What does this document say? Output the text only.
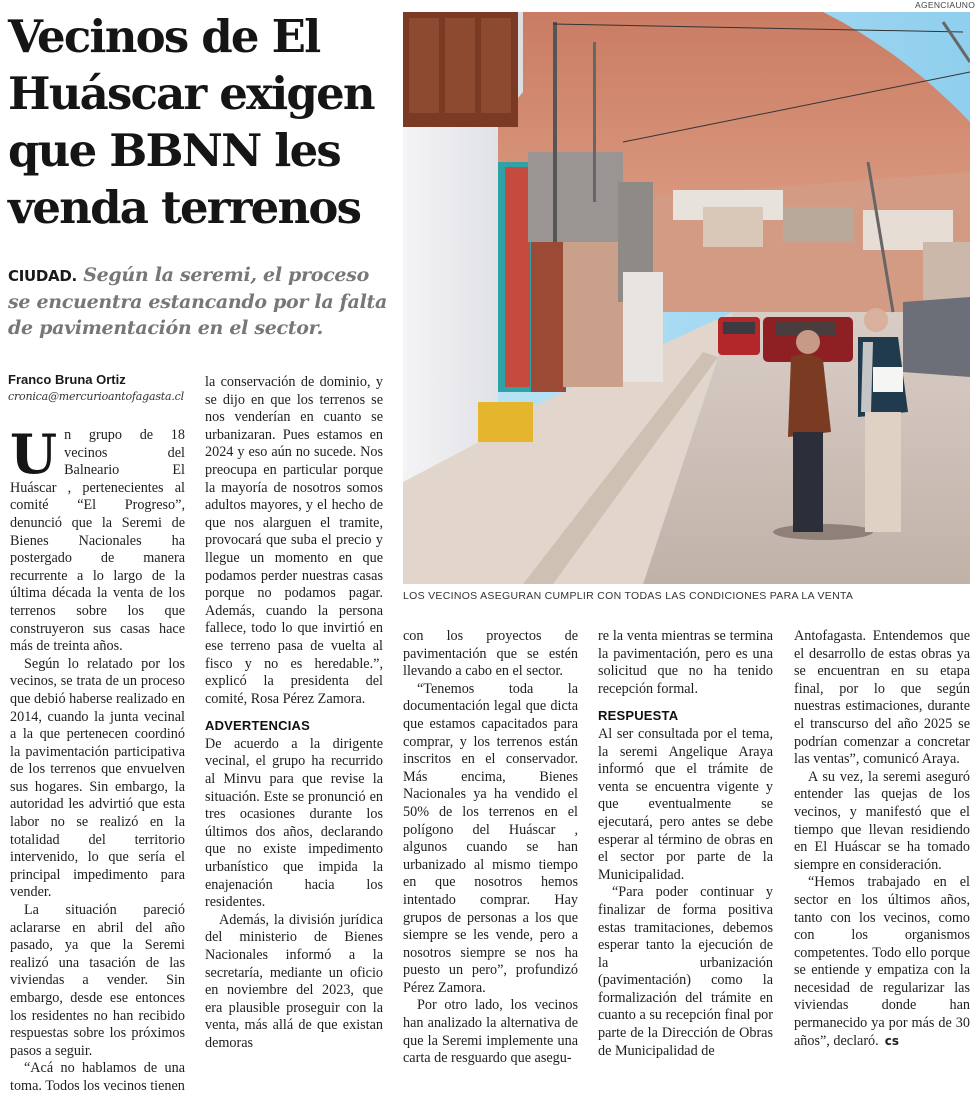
Vecinos de El Huáscar exigen que BBNN les venda terrenos
CIUDAD. Según la seremi, el proceso se encuentra estancando por la falta de pavimentación en el sector.
Franco Bruna Ortiz
cronica@mercurioantofagasta.cl

Un grupo de 18 vecinos del Balneario El Huáscar , pertenecientes al comité “El Progreso”, denunció que la Seremi de Bienes Nacionales ha postergado de manera recurrente a lo largo de la última década la venta de los terrenos sobre los que construyeron sus casas hace más de treinta años.

Según lo relatado por los vecinos, se trata de un proceso que debió haberse realizado en 2014, cuando la junta vecinal a la que pertenecen coordinó la pavimentación participativa de los terrenos que envuelven sus hogares. Sin embargo, la autoridad les advirtió que esta labor no se realizó en la totalidad del territorio intervenido, lo que sería el principal impedimento para vender.

La situación pareció aclararse en abril del año pasado, ya que la Seremi realizó una tasación de las viviendas a vender. Sin embargo, desde ese entonces los residentes no han recibido respuestas sobre los próximos pasos a seguir.

“Acá no hablamos de una toma. Todos los vecinos tienen

la conservación de dominio, y se dijo en que los terrenos se nos venderían en cuanto se urbanizaran. Pues estamos en 2024 y eso aún no sucede. Nos preocupa en particular porque la mayoría de nosotros somos adultos mayores, y el hecho de que nos alarguen el tramite, provocará que suba el precio y llegue un momento en que podamos perder nuestras casas porque no podamos pagar. Además, cuando la persona fallece, todo lo que invirtió en ese terreno pasa de vuelta al fisco y no es heredable.”, explicó la presidenta del comité, Rosa Pérez Zamora.

ADVERTENCIAS

De acuerdo a la dirigente vecinal, el grupo ha recurrido al Minvu para que revise la situación. Este se pronunció en tres ocasiones durante los últimos dos años, declarando que no existe impedimento urbanístico que impida la enajenación hacia los residentes.

Además, la división jurídica del ministerio de Bienes Nacionales informó a la secretaría, mediante un oficio en noviembre del 2023, que era plausible proseguir con la venta, más allá de que existan demoras

AGENCIAUNO
LOS VECINOS ASEGURAN CUMPLIR CON TODAS LAS CONDICIONES PARA LA VENTA

con los proyectos de pavimentación que se estén llevando a cabo en el sector.

“Tenemos toda la documentación legal que dicta que estamos capacitados para comprar, y los terrenos están inscritos en el conservador. Más encima, Bienes Nacionales ya ha vendido el 50% de los terrenos en el polígono del Huáscar , algunos cuando se han urbanizado al mismo tiempo en que nosotros hemos intentado comprar. Hay grupos de personas a los que siempre se les vende, pero a nosotros siempre se nos ha puesto un pero”, profundizó Pérez Zamora.

Por otro lado, los vecinos han analizado la alternativa de que la Seremi implemente una carta de resguardo que asegu-

re la venta mientras se termina la pavimentación, pero es una solicitud que no ha tenido recepción formal.

RESPUESTA

Al ser consultada por el tema, la seremi Angelique Araya informó que el trámite de venta se encuentra vigente y que eventualmente se ejecutará, pero antes se debe esperar al término de obras en el sector por parte de la Municipalidad.

“Para poder continuar y finalizar de forma positiva estas tramitaciones, debemos esperar tanto la ejecución de la urbanización (pavimentación) como la formalización del trámite en cuanto a su recepción final por parte de la Dirección de Obras de Municipalidad de

Antofagasta. Entendemos que el desarrollo de estas obras ya se encuentran en su etapa final, por lo que según nuestras estimaciones, durante el transcurso del año 2025 se podrían comenzar a concretar las ventas”, comunicó Araya.

A su vez, la seremi aseguró entender las quejas de los vecinos, y manifestó que el tiempo que llevan residiendo en El Huáscar se ha tomado siempre en consideración.

“Hemos trabajado en el sector en los últimos años, tanto con los vecinos, como con los organismos competentes. Todo ello porque se entiende y empatiza con la necesidad de regularizar las viviendas donde han permanecido ya por más de 30 años”, declaró. cs
